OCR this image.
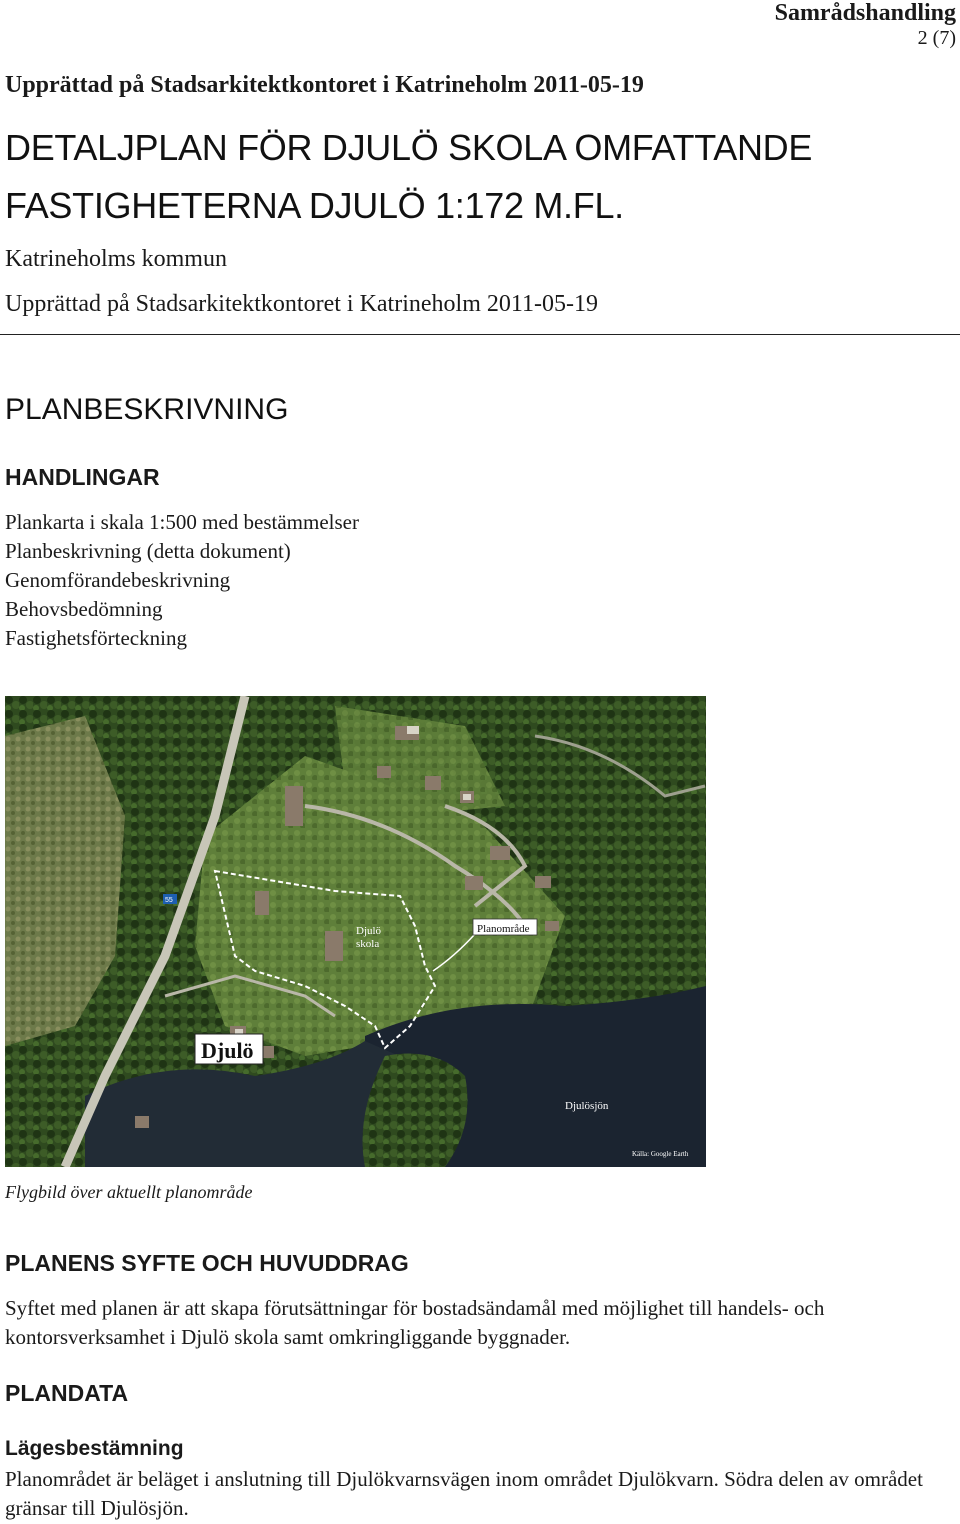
Samrådshandling
2 (7)
Upprättad på Stadsarkitektkontoret i Katrineholm 2011-05-19
DETALJPLAN FÖR DJULÖ SKOLA OMFATTANDE
FASTIGHETERNA DJULÖ 1:172 M.FL.
Katrineholms kommun
Upprättad på Stadsarkitektkontoret i Katrineholm 2011-05-19
PLANBESKRIVNING
HANDLINGAR
Plankarta i skala 1:500 med bestämmelser
Planbeskrivning (detta dokument)
Genomförandebeskrivning
Behovsbedömning
Fastighetsförteckning
Djulö
skola
Planområde
Djulö
Djulösjön
55
Källa: Google Earth
Flygbild över aktuellt planområde
PLANENS SYFTE OCH HUVUDDRAG

Syftet med planen är att skapa förutsättningar för bostadsändamål med möjlighet till handels- och kontorsverksamhet i Djulö skola samt omkringliggande byggnader.

PLANDATA
Lägesbestämning

Planområdet är beläget i anslutning till Djulökvarnsvägen inom området Djulökvarn. Södra delen av området gränsar till Djulösjön.
